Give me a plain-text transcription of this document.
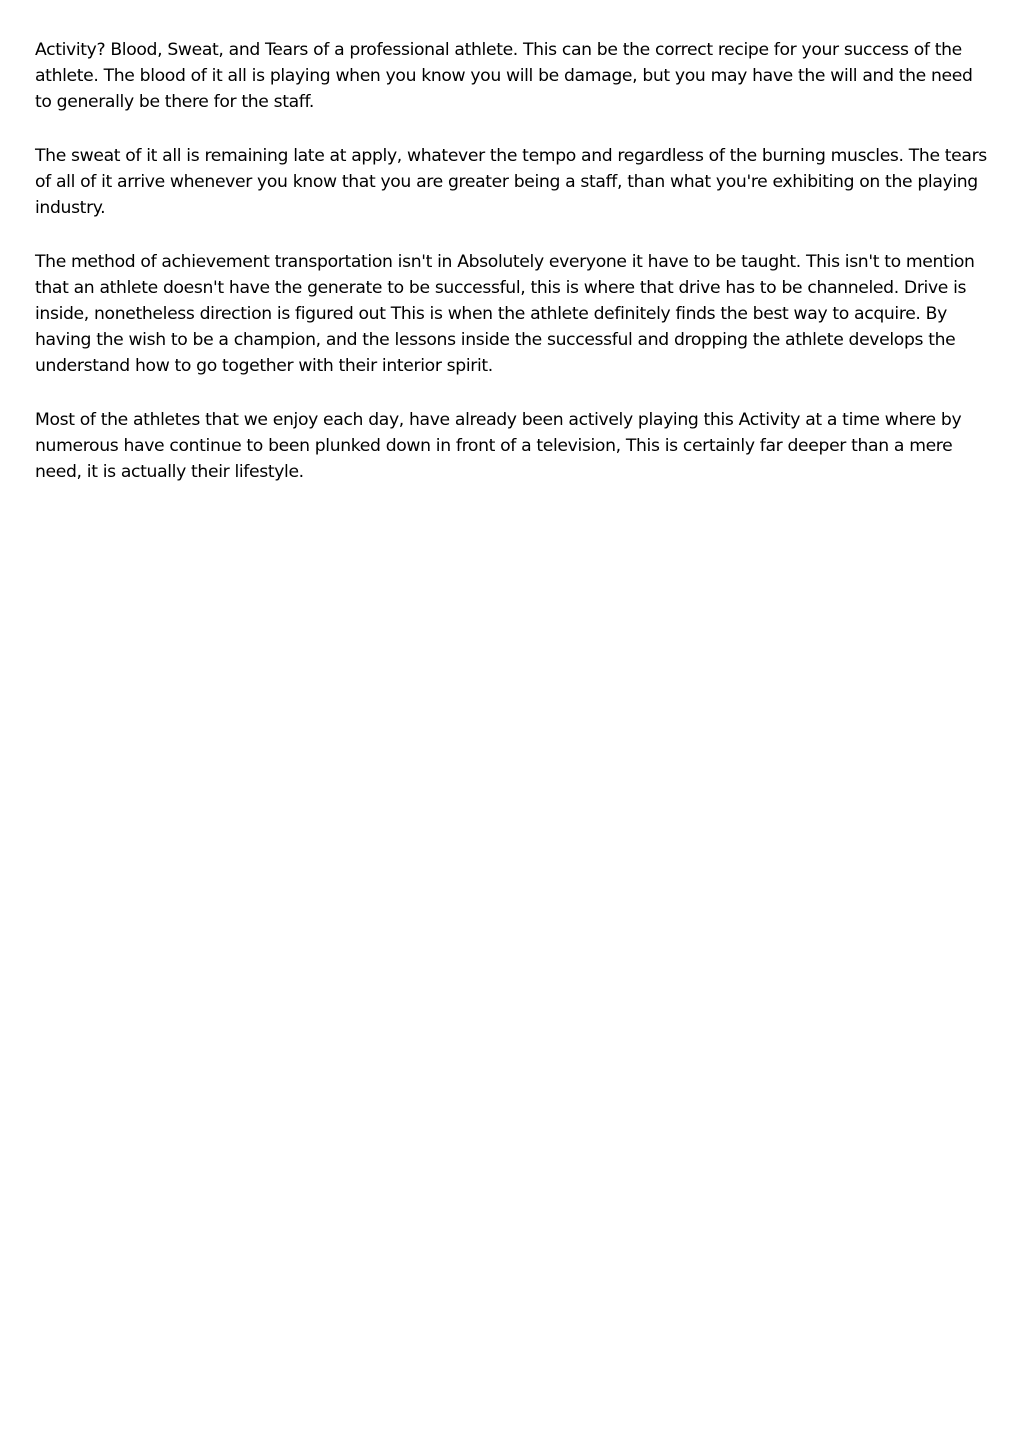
Activity? Blood, Sweat, and Tears of a professional athlete. This can be the correct recipe for your success of the athlete. The blood of it all is playing when you know you will be damage, but you may have the will and the need to generally be there for the staff.

The sweat of it all is remaining late at apply, whatever the tempo and regardless of the burning muscles. The tears of all of it arrive whenever you know that you are greater being a staff, than what you're exhibiting on the playing industry.

The method of achievement transportation isn't in Absolutely everyone it have to be taught. This isn't to mention that an athlete doesn't have the generate to be successful, this is where that drive has to be channeled. Drive is inside, nonetheless direction is figured out This is when the athlete definitely finds the best way to acquire. By having the wish to be a champion, and the lessons inside the successful and dropping the athlete develops the understand how to go together with their interior spirit.

Most of the athletes that we enjoy each day, have already been actively playing this Activity at a time where by numerous have continue to been plunked down in front of a television, This is certainly far deeper than a mere need, it is actually their lifestyle.
